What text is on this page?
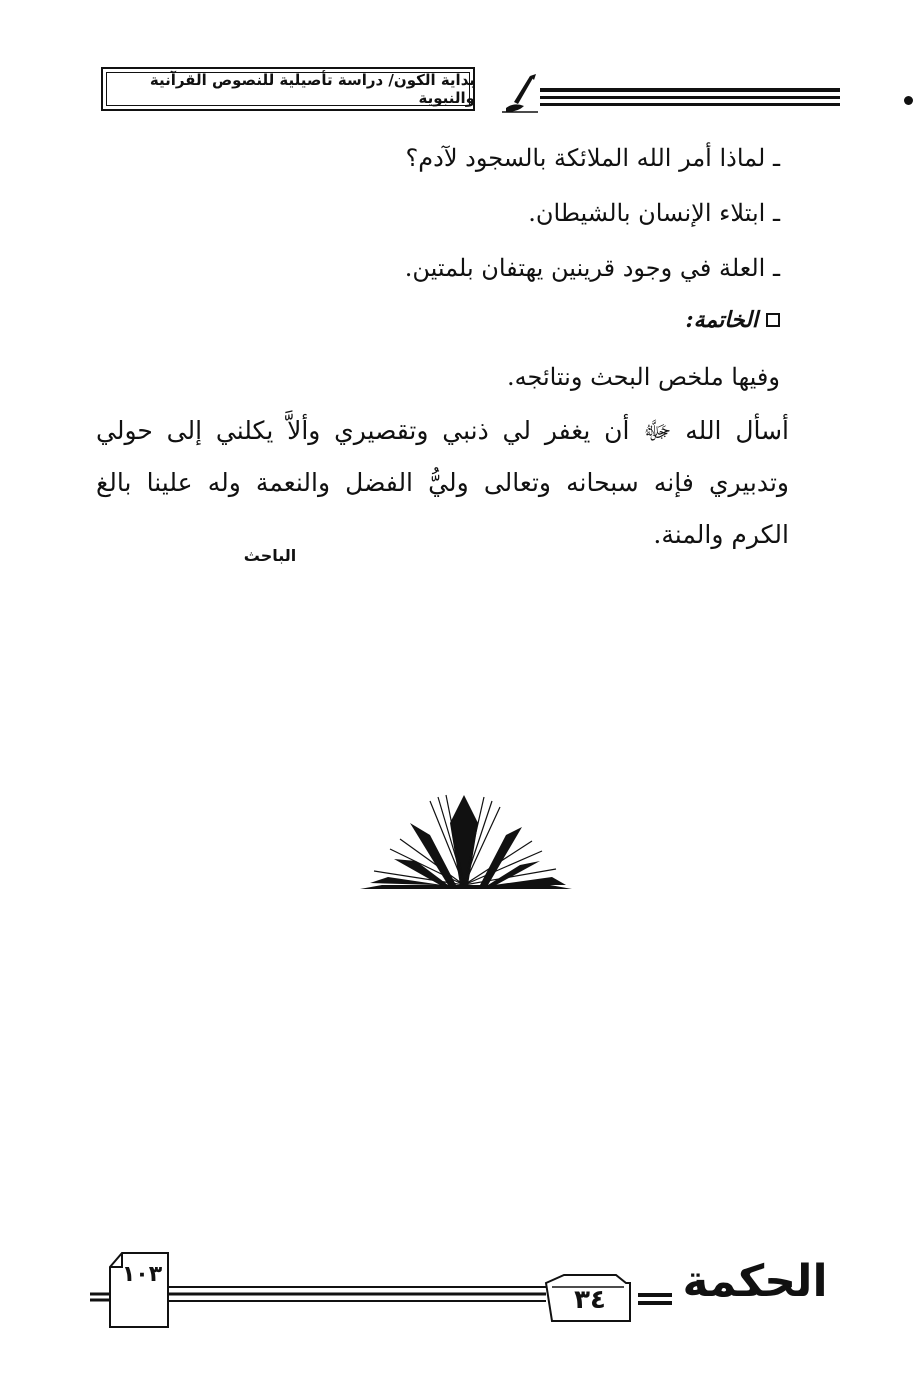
بداية الكون/ دراسة تأصيلية للنصوص القرآنية والنبوية
ـ لماذا أمر الله الملائكة بالسجود لآدم؟
ـ ابتلاء الإنسان بالشيطان.
ـ العلة في وجود قرينين يهتفان بلمتين.
الخاتمة:
وفيها ملخص البحث ونتائجه.
أسأل الله ﷻ أن يغفر لي ذنبي وتقصيري وألاَّ يكلني إلى حولي وتدبيري فإنه سبحانه وتعالى وليُّ الفضل والنعمة وله علينا بالغ الكرم والمنة.
الباحث
١٠٣
٣٤	الحكمة
